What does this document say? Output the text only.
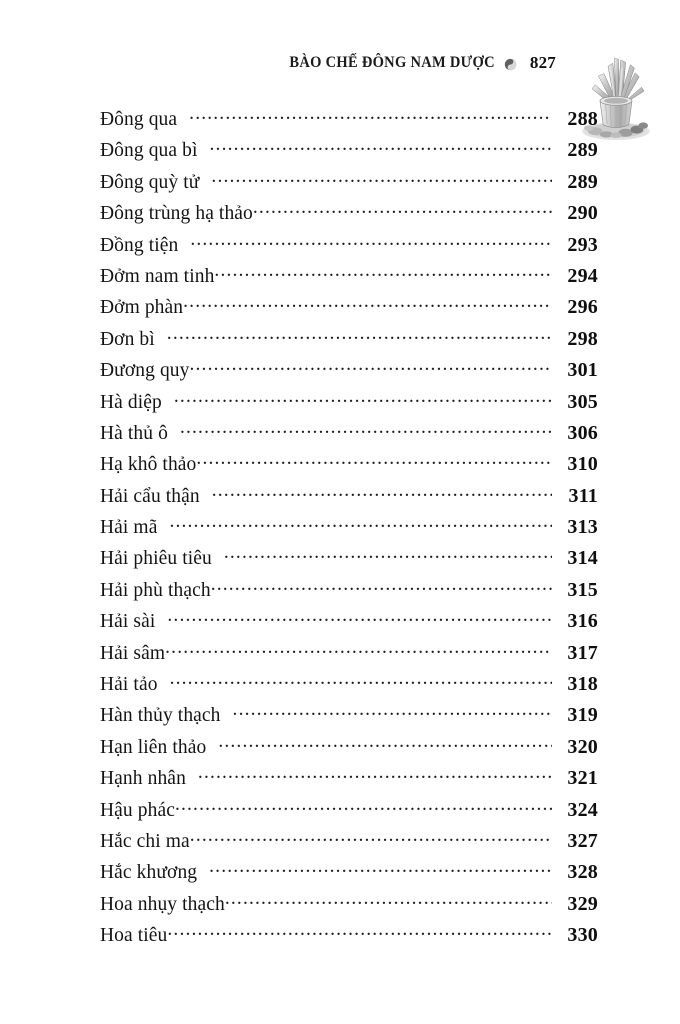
BÀO CHẾ ĐÔNG NAM DƯỢC 827
Đông qua .....	288
Đông qua bì .....	289
Đông quỳ tử .....	289
Đông trùng hạ thảo .....	290
Đồng tiện .....	293
Đởm nam tinh .....	294
Đởm phàn .....	296
Đơn bì .....	298
Đương quy .....	301
Hà diệp .....	305
Hà thủ ô .....	306
Hạ khô thảo .....	310
Hải cẩu thận .....	311
Hải mã .....	313
Hải phiêu tiêu .....	314
Hải phù thạch .....	315
Hải sài .....	316
Hải sâm .....	317
Hải tảo .....	318
Hàn thủy thạch .....	319
Hạn liên thảo .....	320
Hạnh nhân .....	321
Hậu phác .....	324
Hắc chi ma .....	327
Hắc khương .....	328
Hoa nhụy thạch .....	329
Hoa tiêu .....	330
